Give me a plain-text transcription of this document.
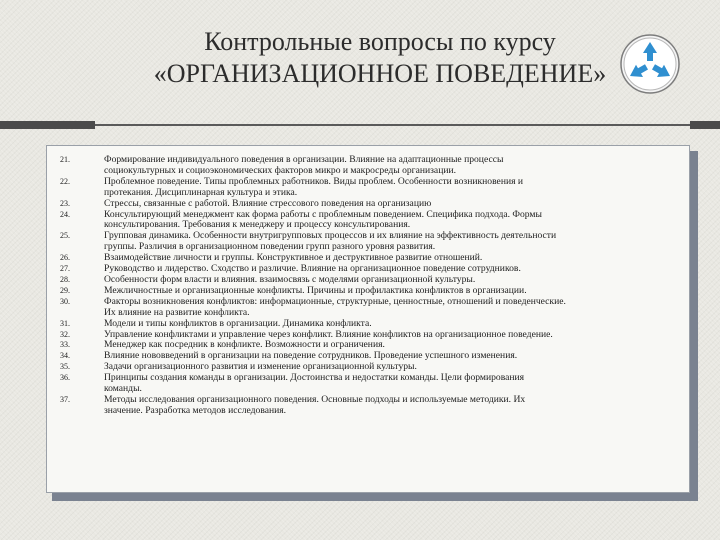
Контрольные вопросы по курсу
«ОРГАНИЗАЦИОННОЕ ПОВЕДЕНИЕ»
21.	Формирование индивидуального поведения в организации. Влияние на адаптационные процессы
социокультурных и социоэкономических факторов микро и макросреды организации.
22.	Проблемное поведение. Типы проблемных работников. Виды проблем. Особенности возникновения и
протекания. Дисциплинарная культура и этика.
23.	Стрессы, связанные с работой. Влияние стрессового поведения на организацию
24.	Консультирующий менеджмент как форма работы с проблемным поведением. Специфика подхода. Формы
консультирования. Требования к менеджеру и процессу консультирования.
25.	Групповая динамика. Особенности внутригрупповых процессов и их влияние на эффективность деятельности
группы. Различия в организационном поведении групп разного уровня развития.
26.	Взаимодействие личности и группы. Конструктивное и деструктивное развитие отношений.
27.	Руководство и лидерство. Сходство и различие. Влияние на организационное поведение сотрудников.
28.	Особенности форм власти и влияния. взаимосвязь с моделями организационной культуры.
29.	Межличностные и организационные конфликты. Причины и профилактика конфликтов в организации.
30.	Факторы возникновения конфликтов: информационные, структурные, ценностные, отношений и поведенческие.
Их влияние на развитие конфликта.
31.	Модели и типы конфликтов в организации. Динамика конфликта.
32.	Управление конфликтами и управление через конфликт. Влияние конфликтов на организационное поведение.
33.	Менеджер как посредник в конфликте. Возможности и ограничения.
34.	Влияние нововведений в организации на поведение сотрудников. Проведение успешного изменения.
35.	Задачи организационного развития и изменение организационной культуры.
36.	Принципы создания команды в организации. Достоинства и недостатки команды. Цели формирования
команды.
37.	Методы исследования организационного поведения. Основные подходы и используемые методики. Их
значение. Разработка методов исследования.
